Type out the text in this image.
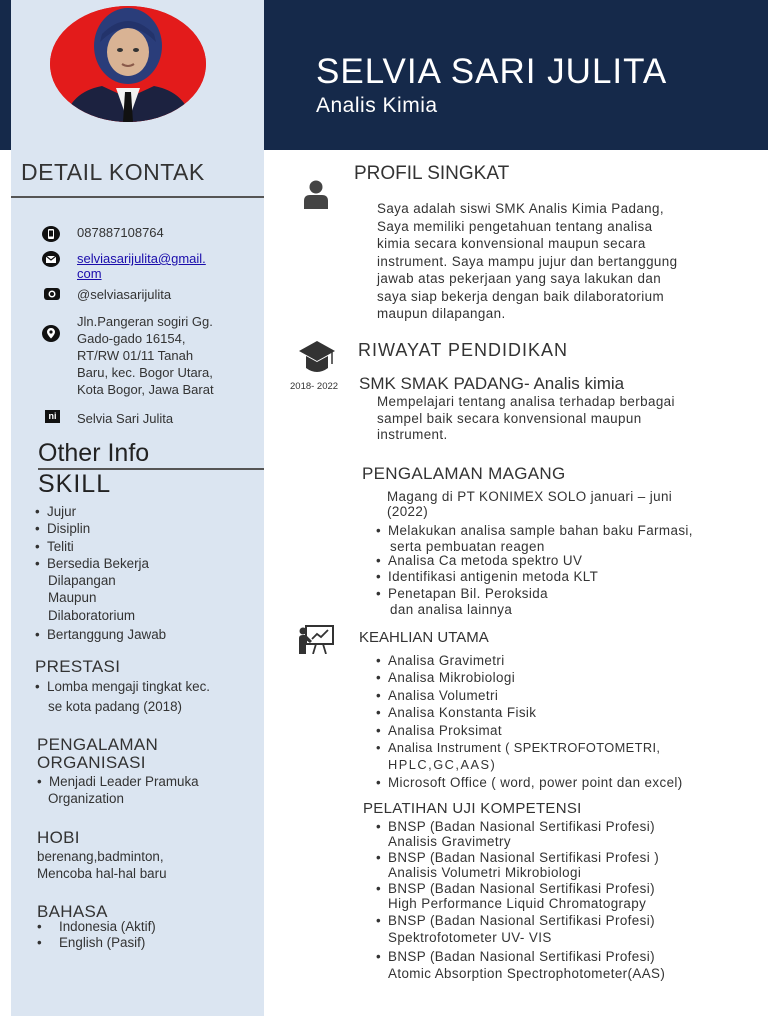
SELVIA SARI JULITA
Analis Kimia
DETAIL KONTAK
087887108764
selviasarijulita@gmail.
com
@selviasarijulita
Jln.Pangeran sogiri Gg.
Gado-gado 16154,
RT/RW 01/11 Tanah
Baru, kec. Bogor Utara,
Kota Bogor, Jawa Barat
ni Selvia Sari Julita
Other Info
SKILL
• Jujur
• Disiplin
• Teliti
• Bersedia Bekerja
Dilapangan
Maupun
Dilaboratorium
• Bertanggung Jawab
PRESTASI
• Lomba mengaji tingkat kec.
se kota padang (2018)
PENGALAMAN
ORGANISASI
• Menjadi Leader Pramuka
Organization
HOBI
berenang,badminton,
Mencoba hal-hal baru
BAHASA
• Indonesia (Aktif)
• English (Pasif)
PROFIL SINGKAT
Saya adalah siswi SMK Analis Kimia Padang,
Saya memiliki pengetahuan tentang analisa
kimia secara konvensional maupun secara
instrument. Saya mampu jujur dan bertanggung
jawab atas pekerjaan yang saya lakukan dan
saya siap bekerja dengan baik dilaboratorium
maupun dilapangan.
2018- 2022
RIWAYAT PENDIDIKAN
SMK SMAK PADANG- Analis kimia
Mempelajari tentang analisa terhadap berbagai
sampel baik secara konvensional maupun
instrument.
PENGALAMAN MAGANG
Magang di PT KONIMEX SOLO januari – juni
(2022)
• Melakukan analisa sample bahan baku Farmasi,
serta pembuatan reagen
• Analisa Ca metoda spektro UV
• Identifikasi antigenin metoda KLT
• Penetapan Bil. Peroksida
dan analisa lainnya
KEAHLIAN UTAMA
• Analisa Gravimetri
• Analisa Mikrobiologi
• Analisa Volumetri
• Analisa Konstanta Fisik
• Analisa Proksimat
• Analisa Instrument ( SPEKTROFOTOMETRI,
HPLC,GC,AAS)
• Microsoft Office ( word, power point dan excel)
PELATIHAN UJI KOMPETENSI
• BNSP (Badan Nasional Sertifikasi Profesi)
Analisis Gravimetry
• BNSP (Badan Nasional Sertifikasi Profesi )
Analisis Volumetri Mikrobiologi
• BNSP (Badan Nasional Sertifikasi Profesi)
High Performance Liquid Chromatograpy
• BNSP (Badan Nasional Sertifikasi Profesi)
Spektrofotometer UV- VIS
• BNSP (Badan Nasional Sertifikasi Profesi)
Atomic Absorption Spectrophotometer(AAS)
